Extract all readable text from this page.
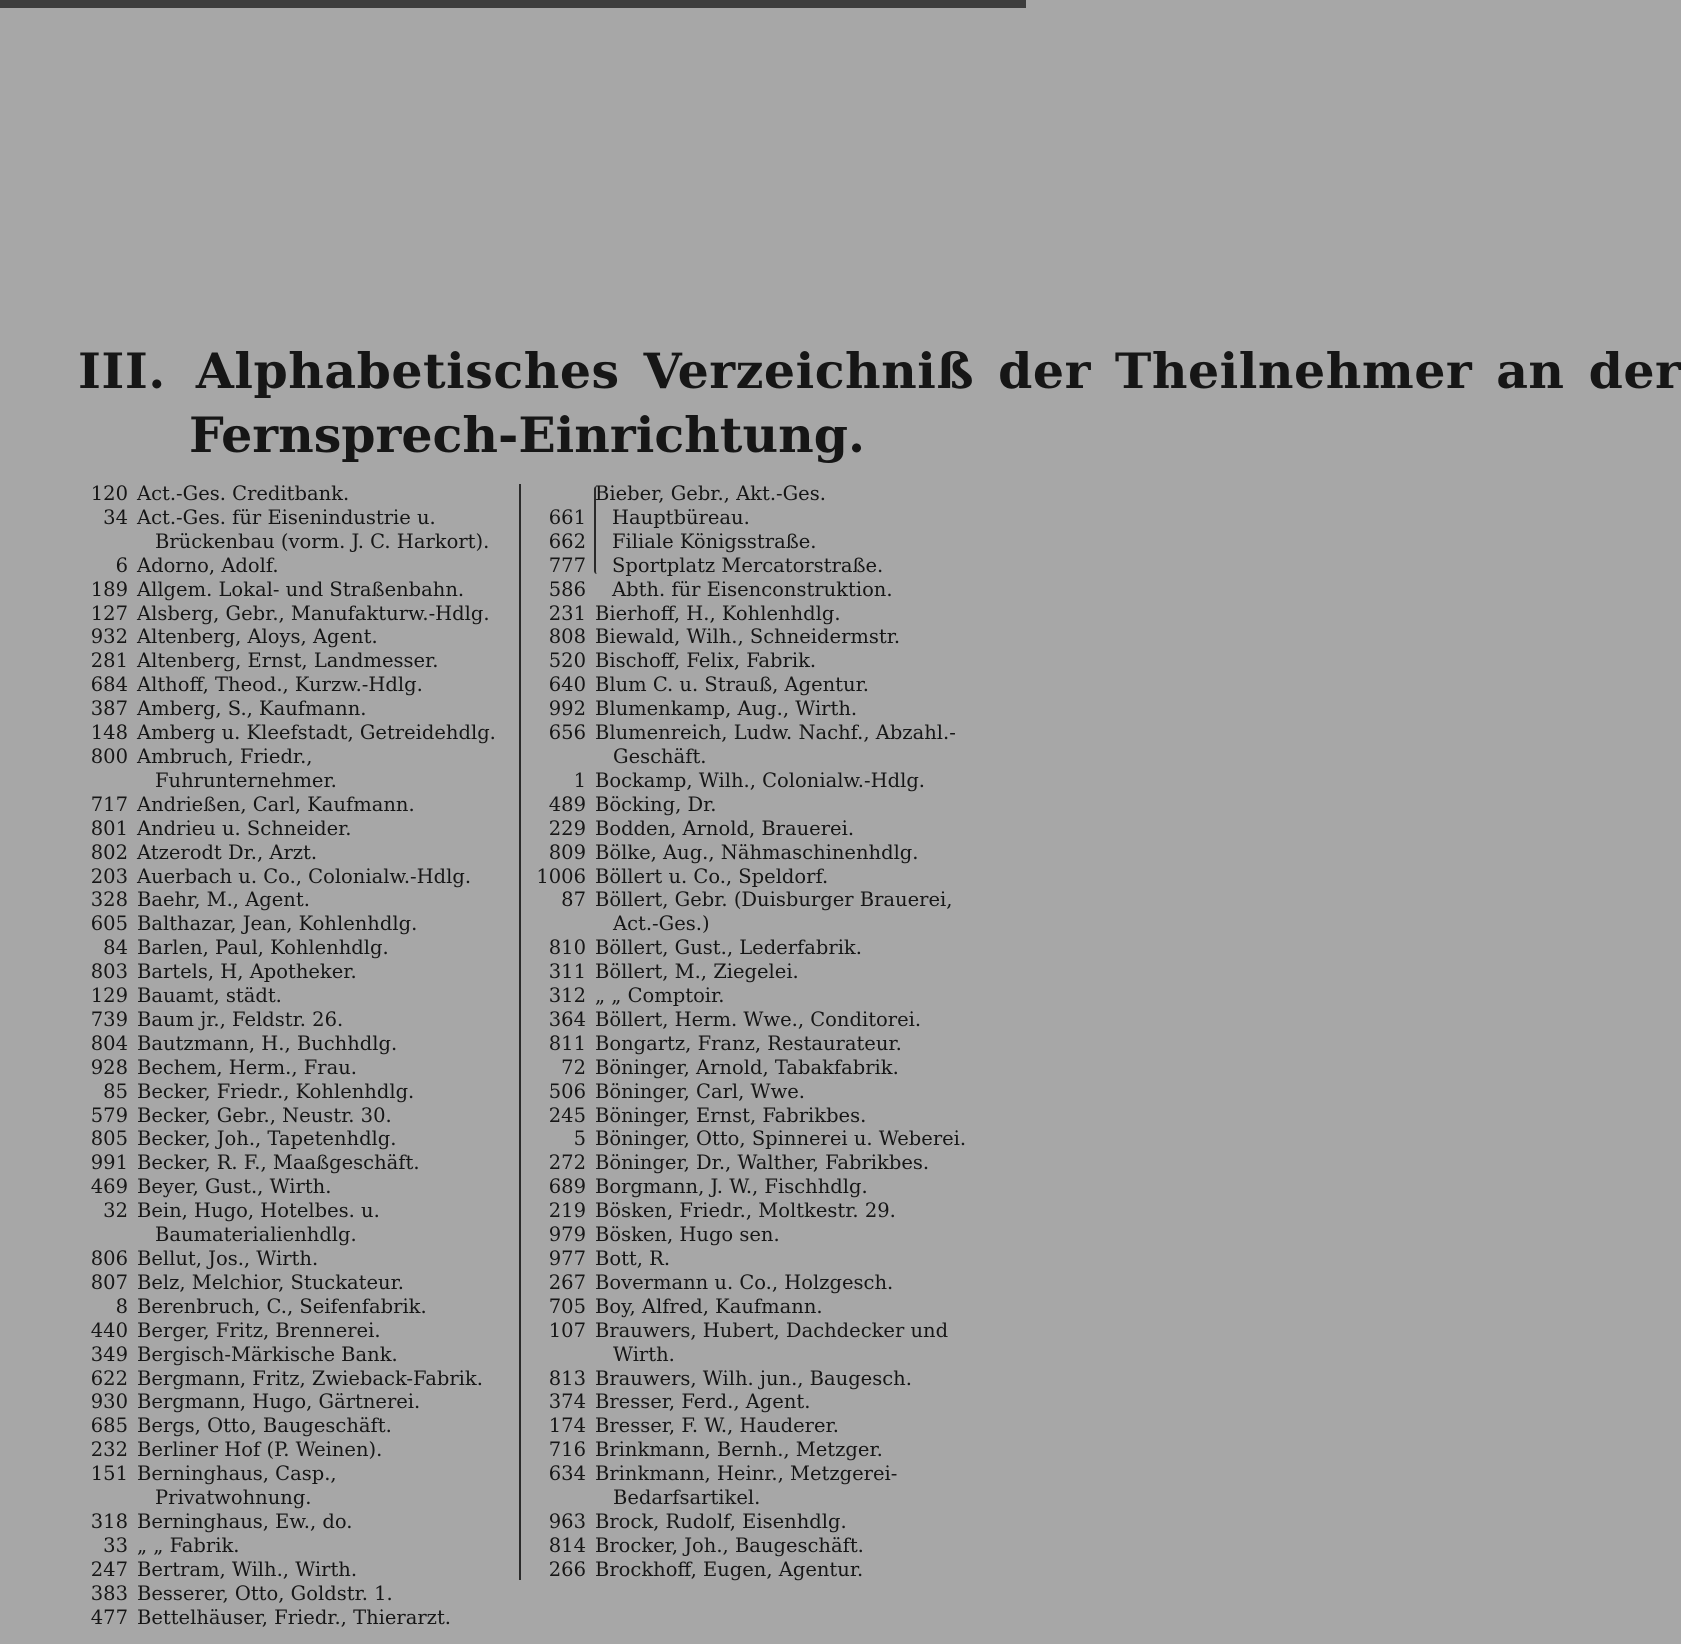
III. Alphabetisches Verzeichniß der Theilnehmer an der
Fernsprech-Einrichtung.
120 Act.-Ges. Creditbank.
34 Act.-Ges. für Eisenindustrie u. Brückenbau (vorm. J. C. Harkort).
6 Adorno, Adolf.
189 Allgem. Lokal- und Straßenbahn.
127 Alsberg, Gebr., Manufakturw.-Hdlg.
932 Altenberg, Aloys, Agent.
281 Altenberg, Ernst, Landmesser.
684 Althoff, Theod., Kurzw.-Hdlg.
387 Amberg, S., Kaufmann.
148 Amberg u. Kleefstadt, Getreidehdlg.
800 Ambruch, Friedr., Fuhrunternehmer.
717 Andrießen, Carl, Kaufmann.
801 Andrieu u. Schneider.
802 Atzerodt Dr., Arzt.
203 Auerbach u. Co., Colonialw.-Hdlg.
328 Baehr, M., Agent.
605 Balthazar, Jean, Kohlenhdlg.
84 Barlen, Paul, Kohlenhdlg.
803 Bartels, H, Apotheker.
129 Bauamt, städt.
739 Baum jr., Feldstr. 26.
804 Bautzmann, H., Buchhdlg.
928 Bechem, Herm., Frau.
85 Becker, Friedr., Kohlenhdlg.
579 Becker, Gebr., Neustr. 30.
805 Becker, Joh., Tapetenhdlg.
991 Becker, R. F., Maaßgeschäft.
469 Beyer, Gust., Wirth.
32 Bein, Hugo, Hotelbes. u. Baumaterialienhdlg.
806 Bellut, Jos., Wirth.
807 Belz, Melchior, Stuckateur.
8 Berenbruch, C., Seifenfabrik.
440 Berger, Fritz, Brennerei.
349 Bergisch-Märkische Bank.
622 Bergmann, Fritz, Zwieback-Fabrik.
930 Bergmann, Hugo, Gärtnerei.
685 Bergs, Otto, Baugeschäft.
232 Berliner Hof (P. Weinen).
151 Berninghaus, Casp., Privatwohnung.
318 Berninghaus, Ew., do.
33 „ „ Fabrik.
247 Bertram, Wilh., Wirth.
383 Besserer, Otto, Goldstr. 1.
477 Bettelhäuser, Friedr., Thierarzt.
Bieber, Gebr., Akt.-Ges.
661 Hauptbüreau.
662 Filiale Königsstraße.
777 Sportplatz Mercatorstraße.
586 Abth. für Eisenconstruktion.
231 Bierhoff, H., Kohlenhdlg.
808 Biewald, Wilh., Schneidermstr.
520 Bischoff, Felix, Fabrik.
640 Blum C. u. Strauß, Agentur.
992 Blumenkamp, Aug., Wirth.
656 Blumenreich, Ludw. Nachf., Abzahl.-Geschäft.
1 Bockamp, Wilh., Colonialw.-Hdlg.
489 Böcking, Dr.
229 Bodden, Arnold, Brauerei.
809 Bölke, Aug., Nähmaschinenhdlg.
1006 Böllert u. Co., Speldorf.
87 Böllert, Gebr. (Duisburger Brauerei, Act.-Ges.)
810 Böllert, Gust., Lederfabrik.
311 Böllert, M., Ziegelei.
312 „ „ Comptoir.
364 Böllert, Herm. Wwe., Conditorei.
811 Bongartz, Franz, Restaurateur.
72 Böninger, Arnold, Tabakfabrik.
506 Böninger, Carl, Wwe.
245 Böninger, Ernst, Fabrikbes.
5 Böninger, Otto, Spinnerei u. Weberei.
272 Böninger, Dr., Walther, Fabrikbes.
689 Borgmann, J. W., Fischhdlg.
219 Bösken, Friedr., Moltkestr. 29.
979 Bösken, Hugo sen.
977 Bott, R.
267 Bovermann u. Co., Holzgesch.
705 Boy, Alfred, Kaufmann.
107 Brauwers, Hubert, Dachdecker und Wirth.
813 Brauwers, Wilh. jun., Baugesch.
374 Bresser, Ferd., Agent.
174 Bresser, F. W., Hauderer.
716 Brinkmann, Bernh., Metzger.
634 Brinkmann, Heinr., Metzgerei-Bedarfsartikel.
963 Brock, Rudolf, Eisenhdlg.
814 Brocker, Joh., Baugeschäft.
266 Brockhoff, Eugen, Agentur.
